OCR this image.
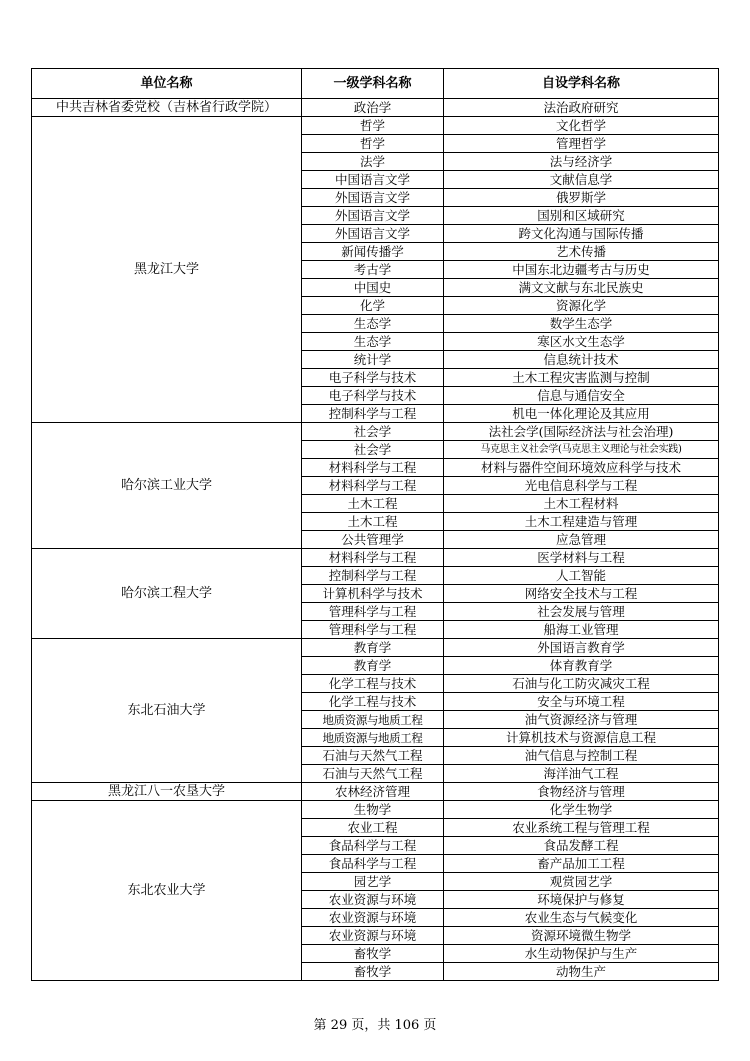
单位名称	一级学科名称	自设学科名称
中共吉林省委党校（吉林省行政学院）	政治学	法治政府研究
黑龙江大学	哲学	文化哲学
	哲学	管理哲学
	法学	法与经济学
	中国语言文学	文献信息学
	外国语言文学	俄罗斯学
	外国语言文学	国别和区域研究
	外国语言文学	跨文化沟通与国际传播
	新闻传播学	艺术传播
	考古学	中国东北边疆考古与历史
	中国史	满文文献与东北民族史
	化学	资源化学
	生态学	数学生态学
	生态学	寒区水文生态学
	统计学	信息统计技术
	电子科学与技术	土木工程灾害监测与控制
	电子科学与技术	信息与通信安全
	控制科学与工程	机电一体化理论及其应用
哈尔滨工业大学	社会学	法社会学(国际经济法与社会治理)
	社会学	马克思主义社会学(马克思主义理论与社会实践)
	材料科学与工程	材料与器件空间环境效应科学与技术
	材料科学与工程	光电信息科学与工程
	土木工程	土木工程材料
	土木工程	土木工程建造与管理
	公共管理学	应急管理
哈尔滨工程大学	材料科学与工程	医学材料与工程
	控制科学与工程	人工智能
	计算机科学与技术	网络安全技术与工程
	管理科学与工程	社会发展与管理
	管理科学与工程	船海工业管理
东北石油大学	教育学	外国语言教育学
	教育学	体育教育学
	化学工程与技术	石油与化工防灾减灾工程
	化学工程与技术	安全与环境工程
	地质资源与地质工程	油气资源经济与管理
	地质资源与地质工程	计算机技术与资源信息工程
	石油与天然气工程	油气信息与控制工程
	石油与天然气工程	海洋油气工程
黑龙江八一农垦大学	农林经济管理	食物经济与管理
东北农业大学	生物学	化学生物学
	农业工程	农业系统工程与管理工程
	食品科学与工程	食品发酵工程
	食品科学与工程	畜产品加工工程
	园艺学	观赏园艺学
	农业资源与环境	环境保护与修复
	农业资源与环境	农业生态与气候变化
	农业资源与环境	资源环境微生物学
	畜牧学	水生动物保护与生产
	畜牧学	动物生产
第 29 页，共 106 页
